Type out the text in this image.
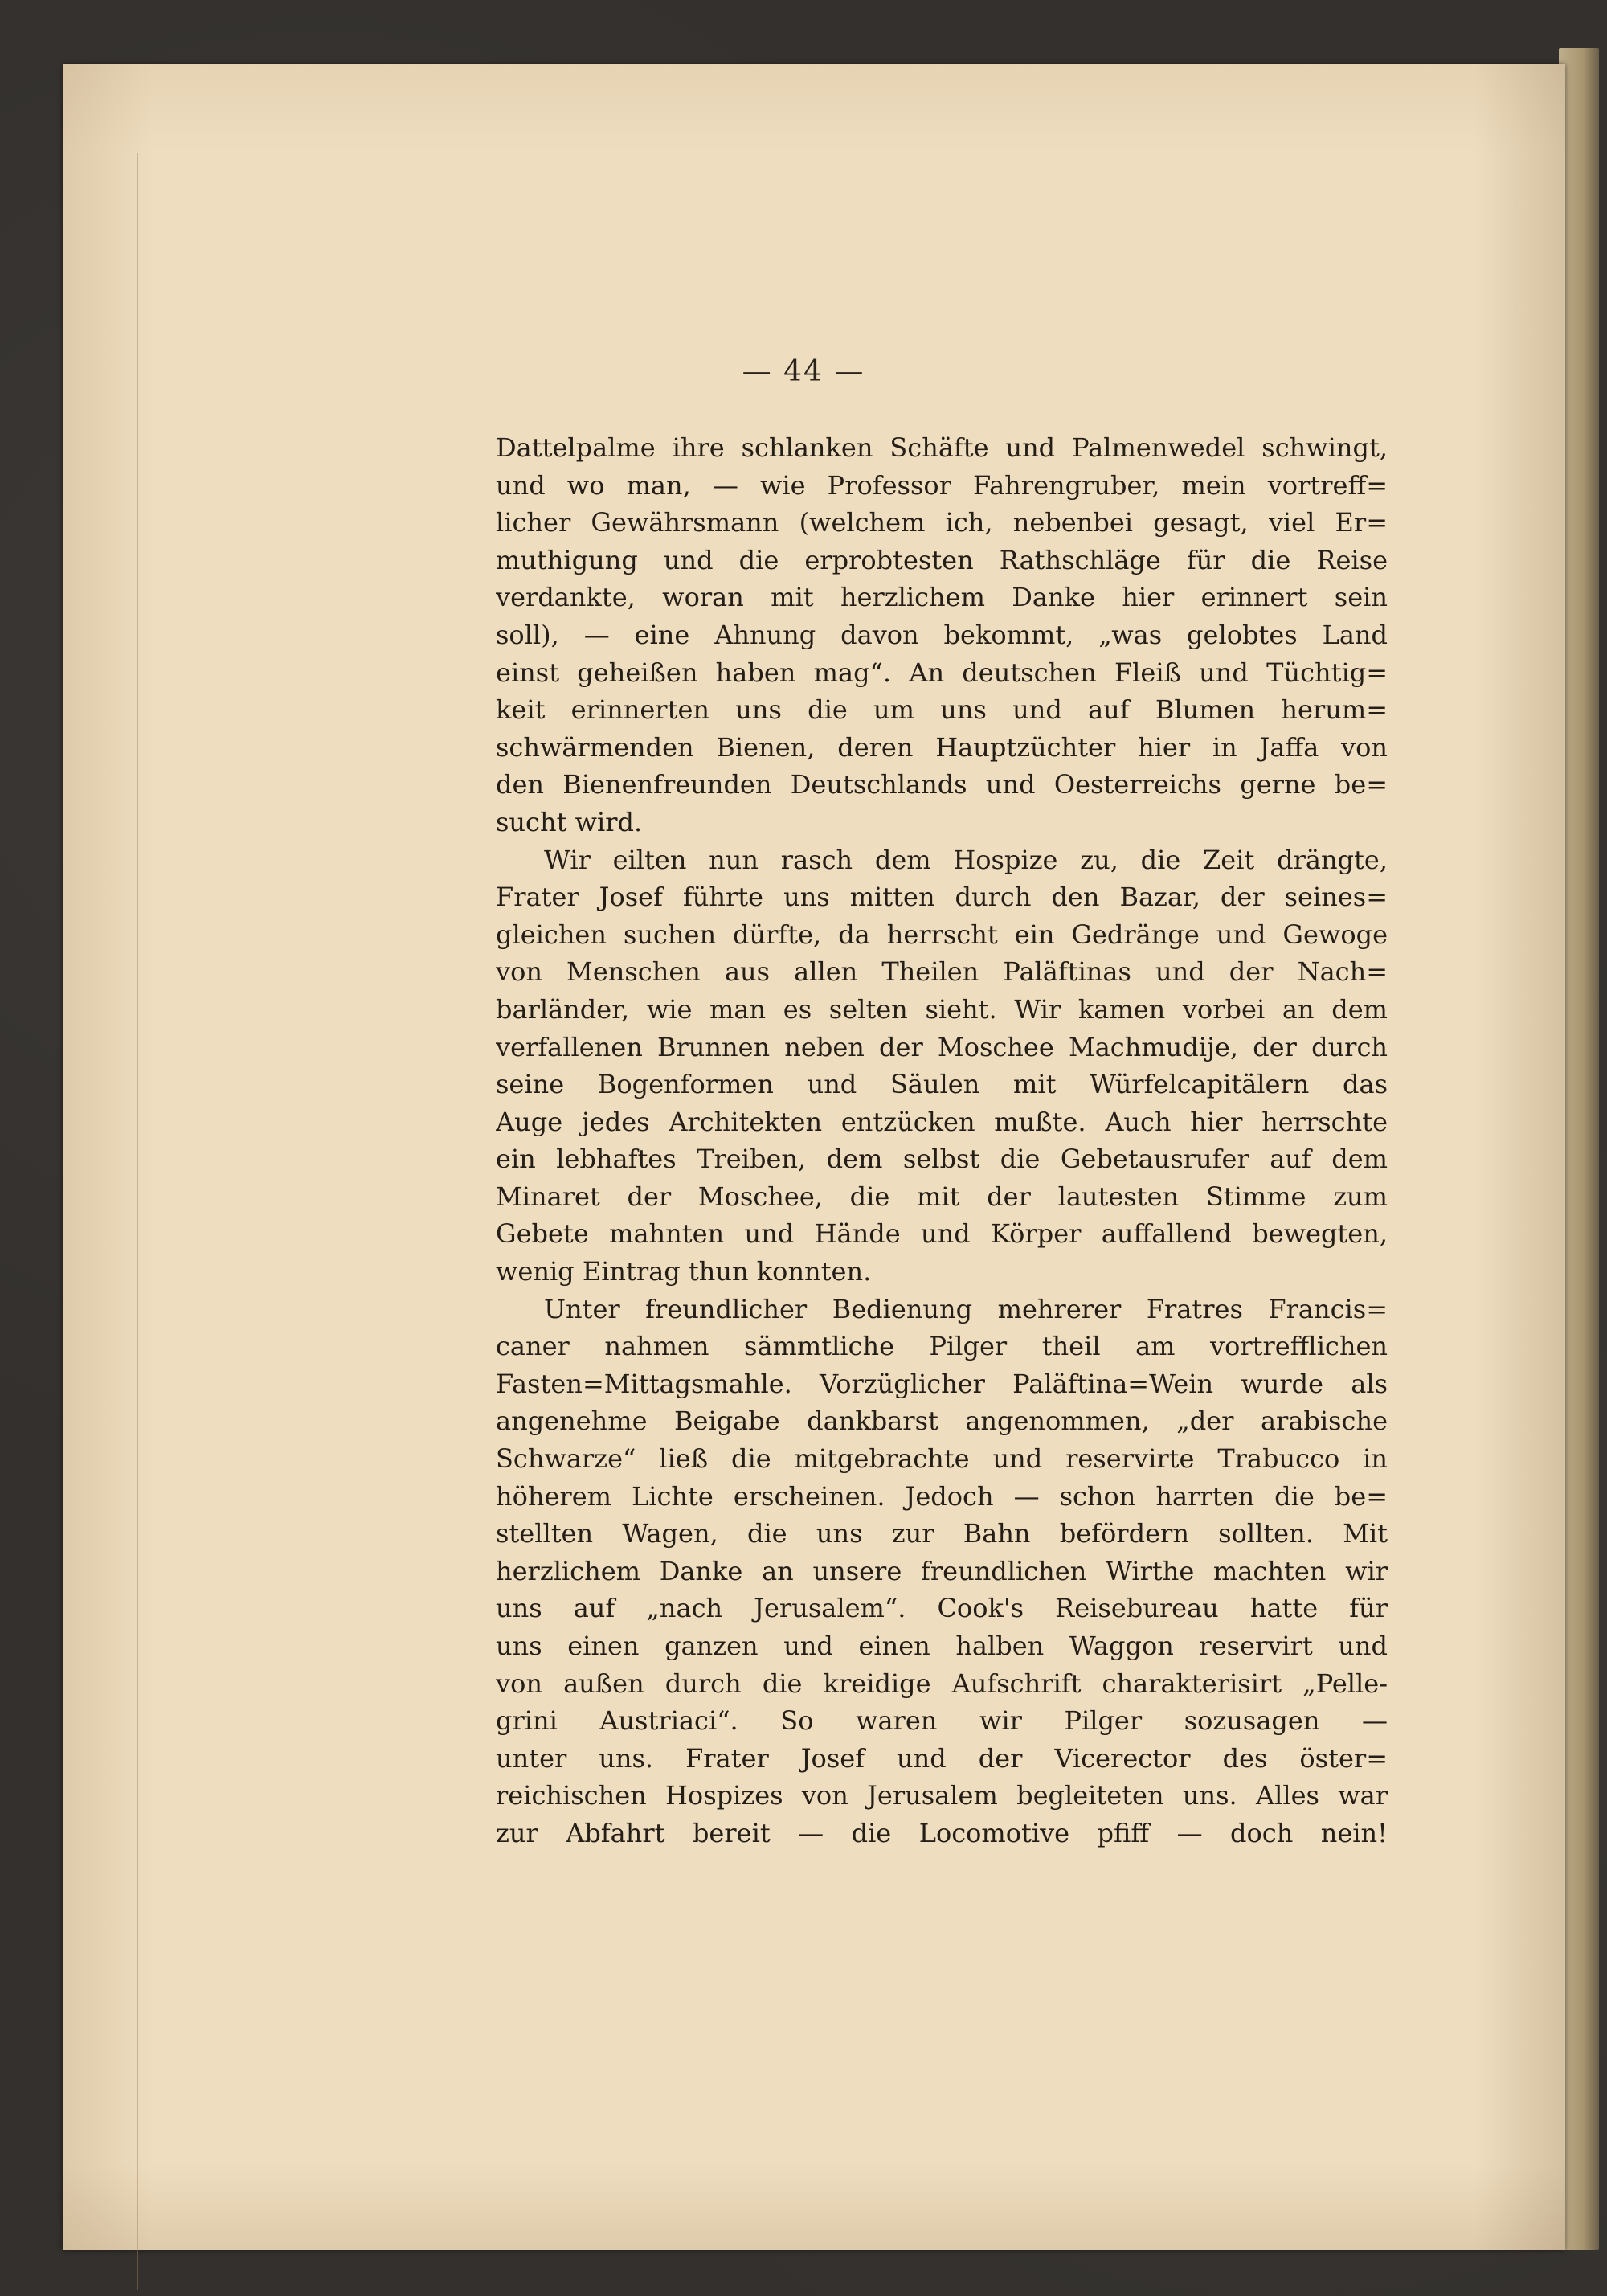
— 44 —
Dattelpalme ihre schlanken Schäfte und Palmenwedel schwingt,
und wo man, — wie Professor Fahrengruber, mein vortreff=
licher Gewährsmann (welchem ich, nebenbei gesagt, viel Er=
muthigung und die erprobtesten Rathschläge für die Reise
verdankte, woran mit herzlichem Danke hier erinnert sein
soll), — eine Ahnung davon bekommt, „was gelobtes Land
einst geheißen haben mag“. An deutschen Fleiß und Tüchtig=
keit erinnerten uns die um uns und auf Blumen herum=
schwärmenden Bienen, deren Hauptzüchter hier in Jaffa von
den Bienenfreunden Deutschlands und Oesterreichs gerne be=
sucht wird.
Wir eilten nun rasch dem Hospize zu, die Zeit drängte,
Frater Josef führte uns mitten durch den Bazar, der seines=
gleichen suchen dürfte, da herrscht ein Gedränge und Gewoge
von Menschen aus allen Theilen Paläftinas und der Nach=
barländer, wie man es selten sieht. Wir kamen vorbei an dem
verfallenen Brunnen neben der Moschee Machmudije, der durch
seine Bogenformen und Säulen mit Würfelcapitälern das
Auge jedes Architekten entzücken mußte. Auch hier herrschte
ein lebhaftes Treiben, dem selbst die Gebetausrufer auf dem
Minaret der Moschee, die mit der lautesten Stimme zum
Gebete mahnten und Hände und Körper auffallend bewegten,
wenig Eintrag thun konnten.
Unter freundlicher Bedienung mehrerer Fratres Francis=
caner nahmen sämmtliche Pilger theil am vortrefflichen
Fasten=Mittagsmahle. Vorzüglicher Paläftina=Wein wurde als
angenehme Beigabe dankbarst angenommen, „der arabische
Schwarze“ ließ die mitgebrachte und reservirte Trabucco in
höherem Lichte erscheinen. Jedoch — schon harrten die be=
stellten Wagen, die uns zur Bahn befördern sollten. Mit
herzlichem Danke an unsere freundlichen Wirthe machten wir
uns auf „nach Jerusalem“. Cook's Reisebureau hatte für
uns einen ganzen und einen halben Waggon reservirt und
von außen durch die kreidige Aufschrift charakterisirt „Pelle-
grini Austriaci“. So waren wir Pilger sozusagen —
unter uns. Frater Josef und der Vicerector des öster=
reichischen Hospizes von Jerusalem begleiteten uns. Alles war
zur Abfahrt bereit — die Locomotive pfiff — doch nein!
